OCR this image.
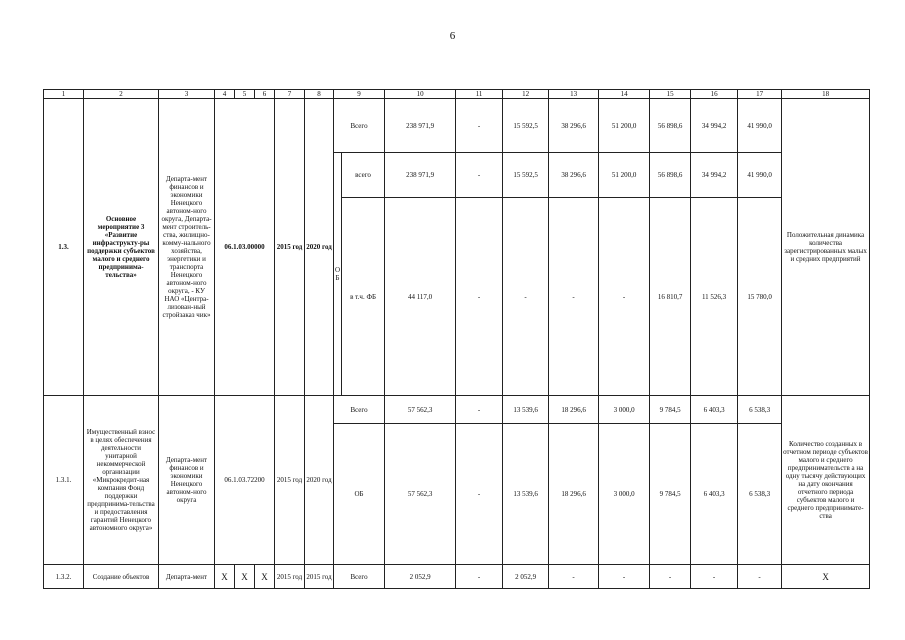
6
1	2	3	4	5	6	7	8	9		10	11	12	13	14	15	16	17	18
1.3.	Основное мероприятие 3 «Развитие инфраструкту-ры поддержки субъектов малого и среднего предпринима-тельства»	Департа-мент финансов и экономики Ненецкого автоном-ного округа, Департа-мент строитель-ства, жилищно-комму-нального хозяйства, энергетики и транспорта Ненецкого автоном-ного округа, - КУ НАО «Центра-лизован-ный стройзаказ чик»	06.1.03.00000			2015 год	2020 год	Всего		238 971,9	-	15 592,5	38 296,6	51 200,0	56 898,6	34 994,2	41 990,0	Положительная динамика количества зарегистрированных малых и средних предприятий
								О Б	всего	238 971,9	-	15 592,5	38 296,6	51 200,0	56 898,6	34 994,2	41 990,0	
									в т.ч. ФБ	44 117,0	-	-	-	-	16 810,7	11 526,3	15 780,0	
1.3.1.	Имущественный взнос в целях обеспечения деятельности унитарной некоммерческой организации «Микрокредит-ная компания Фонд поддержки предпринима-тельства и предоставления гарантий Ненецкого автономного округа»	Департа-мент финансов и экономики Ненецкого автоном-ного округа	06.1.03.72200			2015 год	2020 год	Всего		57 562,3	-	13 539,6	18 296,6	3 000,0	9 784,5	6 403,3	6 538,3	Количество созданных в отчетном периоде субъектов малого и среднего предпринимательств а на одну тысячу действующих на дату окончания отчетного периода субъектов малого и среднего предпринимате-ства
								ОБ		57 562,3	-	13 539,6	18 296,6	3 000,0	9 784,5	6 403,3	6 538,3	
1.3.2.	Создание объектов	Департа-мент	X	X	X	2015 год	2015 год	Всего		2 052,9	-	2 052,9	-	-	-	-	-	X
